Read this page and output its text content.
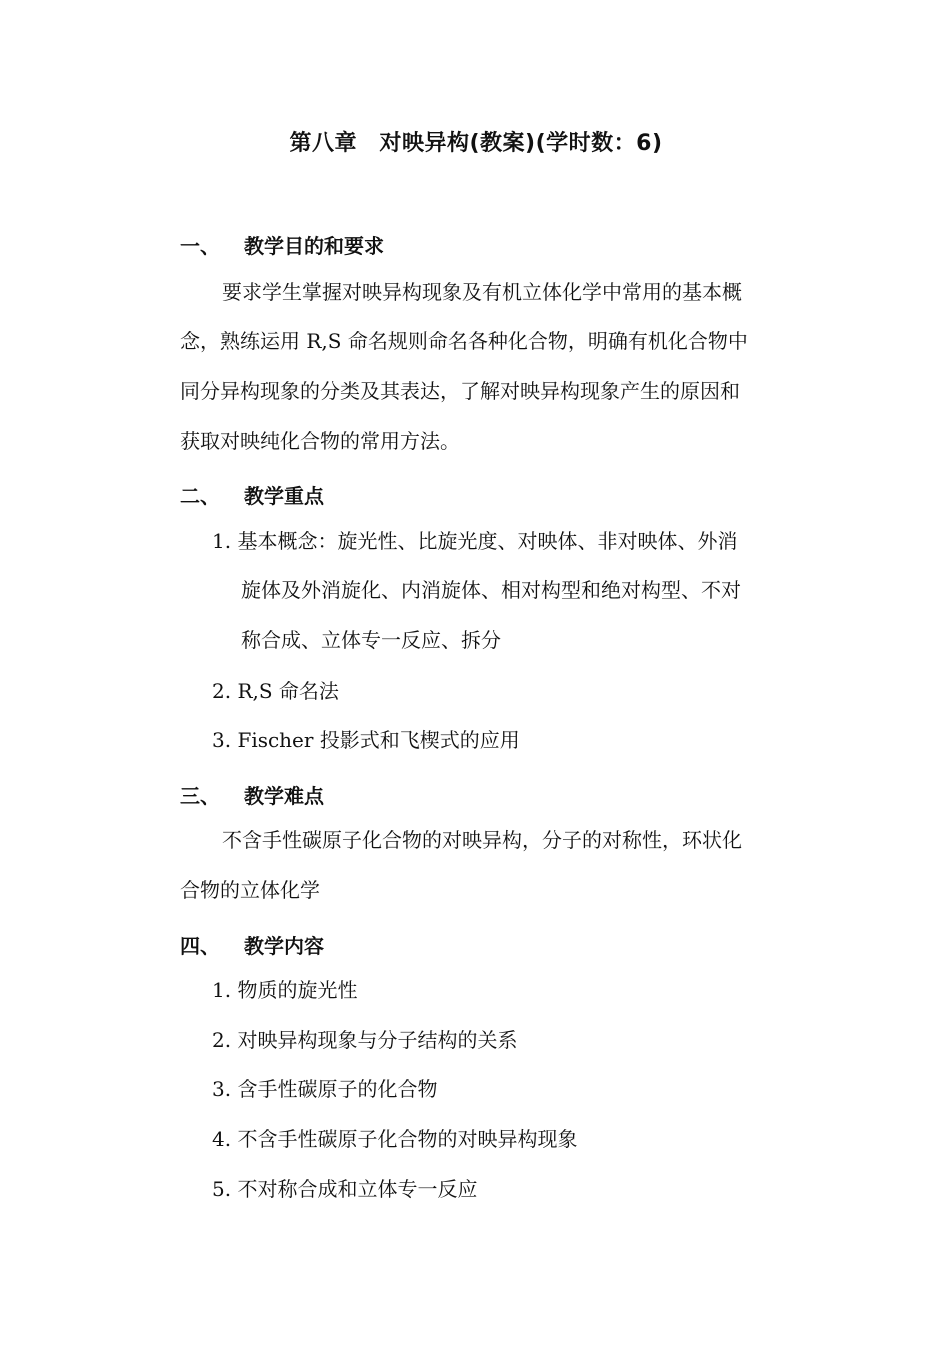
第八章　对映异构(教案)(学时数：6)
一、 教学目的和要求
要求学生掌握对映异构现象及有机立体化学中常用的基本概
念，熟练运用 R,S 命名规则命名各种化合物，明确有机化合物中
同分异构现象的分类及其表达，了解对映异构现象产生的原因和
获取对映纯化合物的常用方法。
二、 教学重点
1. 基本概念：旋光性、比旋光度、对映体、非对映体、外消
旋体及外消旋化、内消旋体、相对构型和绝对构型、不对
称合成、立体专一反应、拆分
2. R,S 命名法
3. Fischer 投影式和飞楔式的应用
三、 教学难点
不含手性碳原子化合物的对映异构，分子的对称性，环状化
合物的立体化学
四、 教学内容
1. 物质的旋光性
2. 对映异构现象与分子结构的关系
3. 含手性碳原子的化合物
4. 不含手性碳原子化合物的对映异构现象
5. 不对称合成和立体专一反应
